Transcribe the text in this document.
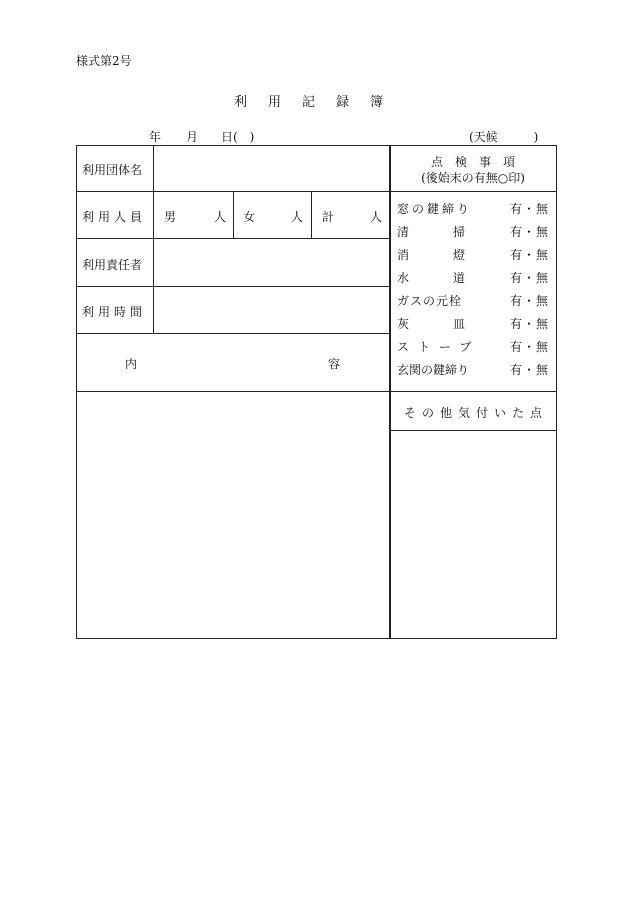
様式第2号
利用記録簿
年 月 日(　)	(天候　　　)
利用団体名
利用人員 男	人 女	人 計	人
利用責任者
利用時間
内	容
点検事項
(後始末の有無○印)
窓の鍵締り	有・無
清掃 有・無
消燈 有・無
水道 有・無
ガスの元栓	有・無
灰皿 有・無
ストーブ 有・無
玄関の鍵締り	有・無
その他気付いた点
